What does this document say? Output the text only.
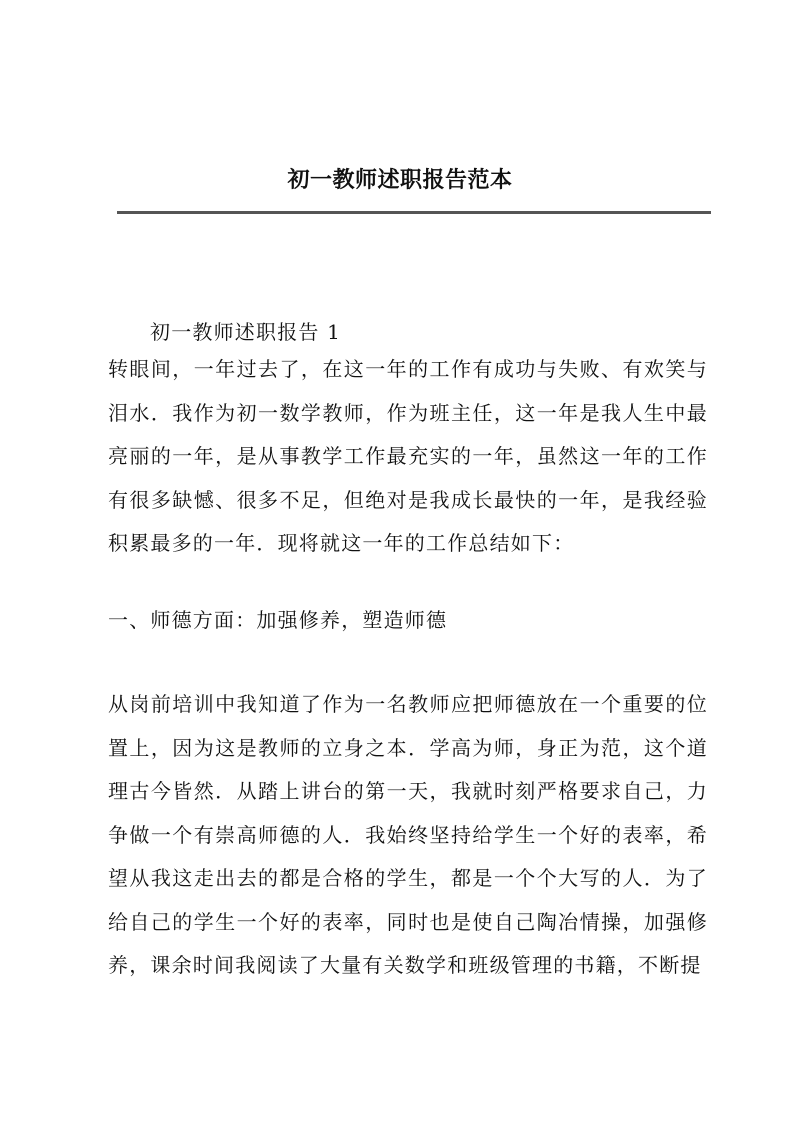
初一教师述职报告范本
初一教师述职报告 1
转眼间，一年过去了，在这一年的工作有成功与失败、有欢笑与泪水．我作为初一数学教师，作为班主任，这一年是我人生中最亮丽的一年，是从事教学工作最充实的一年，虽然这一年的工作有很多缺憾、很多不足，但绝对是我成长最快的一年，是我经验积累最多的一年．现将就这一年的工作总结如下：
一、师德方面：加强修养，塑造师德
从岗前培训中我知道了作为一名教师应把师德放在一个重要的位置上，因为这是教师的立身之本．学高为师，身正为范，这个道理古今皆然．从踏上讲台的第一天，我就时刻严格要求自己，力争做一个有崇高师德的人．我始终坚持给学生一个好的表率，希望从我这走出去的都是合格的学生，都是一个个大写的人．为了给自己的学生一个好的表率，同时也是使自己陶冶情操，加强修养，课余时间我阅读了大量有关数学和班级管理的书籍，不断提
